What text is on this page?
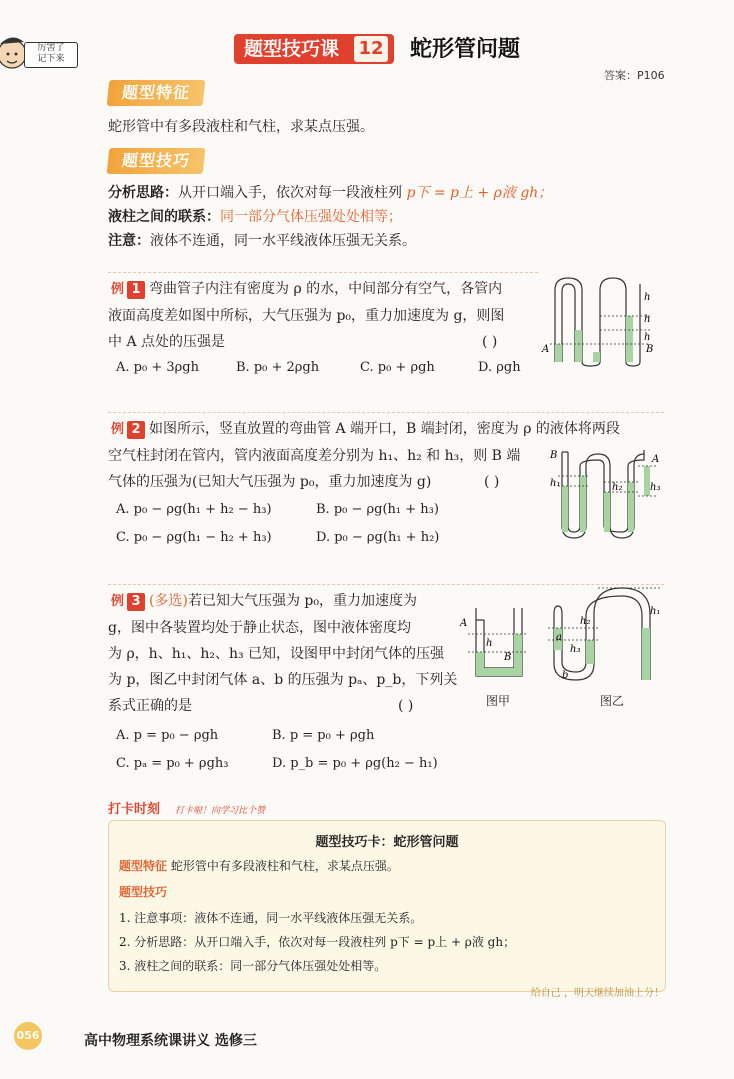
厉害了
记下来	题型技巧课	12 蛇形管问题
答案：P106
题型特征
蛇形管中有多段液柱和气柱，求某点压强。
题型技巧
分析思路：从开口端入手，依次对每一段液柱列 p下 = p上 + ρ液 gh；
液柱之间的联系：同一部分气体压强处处相等；
注意：液体不连通，同一水平线液体压强无关系。
例 1 弯曲管子内注有密度为 ρ 的水，中间部分有空气，各管内
液面高度差如图中所标，大气压强为 p₀，重力加速度为 g，则图
中 A 点处的压强是	( )
A. p₀ + 3ρgh	B. p₀ + 2ρgh	C. p₀ + ρgh	D. ρgh
h
h
h
A	B
例 2 如图所示，竖直放置的弯曲管 A 端开口，B 端封闭，密度为 ρ 的液体将两段
空气柱封闭在管内，管内液面高度差分别为 h₁、h₂ 和 h₃，则 B 端
气体的压强为(已知大气压强为 p₀，重力加速度为 g)	( )
A. p₀ − ρg(h₁ + h₂ − h₃)	B. p₀ − ρg(h₁ + h₃)
C. p₀ − ρg(h₁ − h₂ + h₃)	D. p₀ − ρg(h₁ + h₂)
B	A
h₁	h₂	h₃
例 3 (多选)若已知大气压强为 p₀，重力加速度为
g，图中各装置均处于静止状态，图中液体密度均
为 ρ，h、h₁、h₂、h₃ 已知，设图甲中封闭气体的压强
为 p，图乙中封闭气体 a、b 的压强为 pₐ、p_b，下列关
系式正确的是	( )
A. p = p₀ − ρgh	B. p = p₀ + ρgh
C. pₐ = p₀ + ρgh₃	D. p_b = p₀ + ρg(h₂ − h₁)
A
B
h
图甲
a
b
h₁
h₂
h₃
图乙
打卡时刻 打卡啦！向学习比个赞
题型技巧卡：蛇形管问题
题型特征 蛇形管中有多段液柱和气柱，求某点压强。
题型技巧
1. 注意事项：液体不连通，同一水平线液体压强无关系。
2. 分析思路：从开口端入手，依次对每一段液柱列 p下 = p上 + ρ液 gh；
3. 液柱之间的联系：同一部分气体压强处处相等。
给自己 ，明天继续加油上分！
056	高中物理系统课讲义 选修三
